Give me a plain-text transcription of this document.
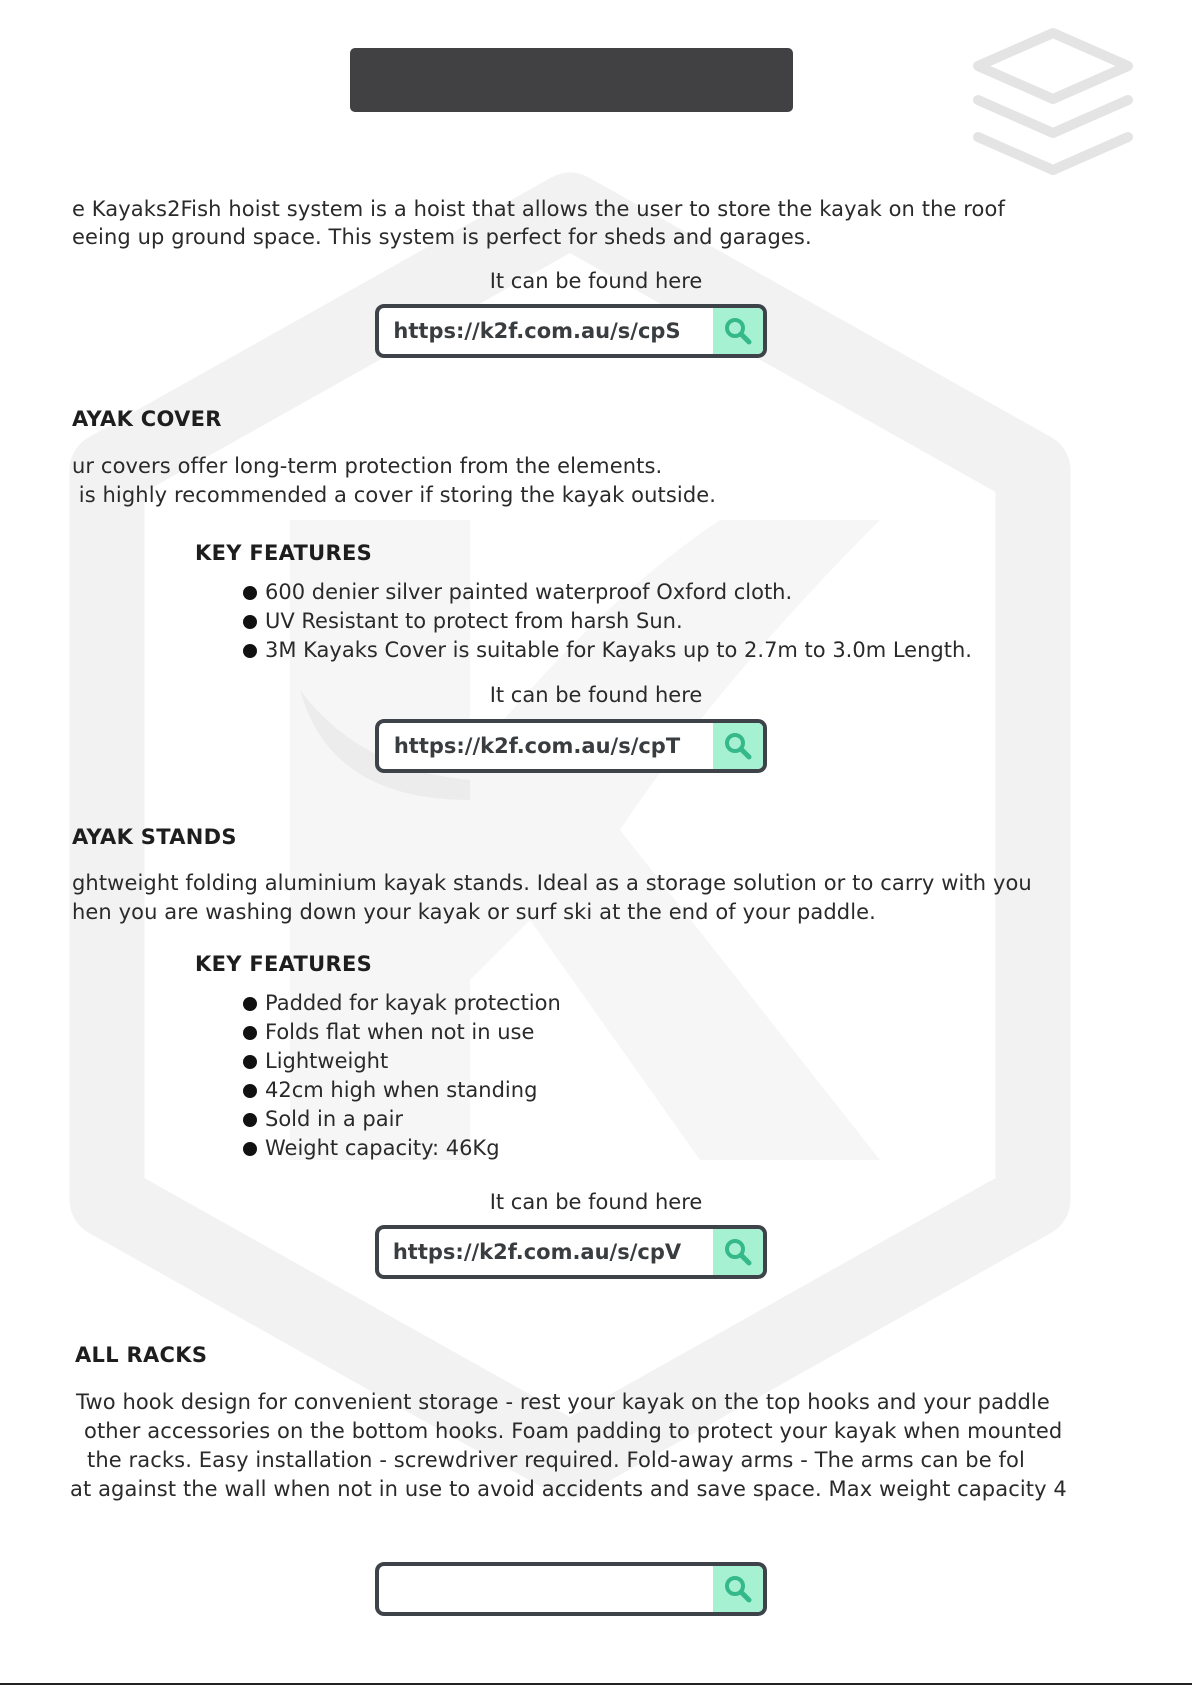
e Kayaks2Fish hoist system is a hoist that allows the user to store the kayak on the roof
eeing up ground space. This system is perfect for sheds and garages.
It can be found here
https://k2f.com.au/s/cpS
AYAK COVER
ur covers offer long-term protection from the elements.
is highly recommended a cover if storing the kayak outside.
KEY FEATURES
600 denier silver painted waterproof Oxford cloth.
UV Resistant to protect from harsh Sun.
3M Kayaks Cover is suitable for Kayaks up to 2.7m to 3.0m Length.
It can be found here
https://k2f.com.au/s/cpT
AYAK STANDS
ghtweight folding aluminium kayak stands. Ideal as a storage solution or to carry with you
hen you are washing down your kayak or surf ski at the end of your paddle.
KEY FEATURES
Padded for kayak protection
Folds flat when not in use
Lightweight
42cm high when standing
Sold in a pair
Weight capacity: 46Kg
It can be found here
https://k2f.com.au/s/cpV
ALL RACKS
Two hook design for convenient storage - rest your kayak on the top hooks and your paddle
other accessories on the bottom hooks. Foam padding to protect your kayak when mounted
the racks. Easy installation - screwdriver required. Fold-away arms - The arms can be fol
at against the wall when not in use to avoid accidents and save space. Max weight capacity 4
